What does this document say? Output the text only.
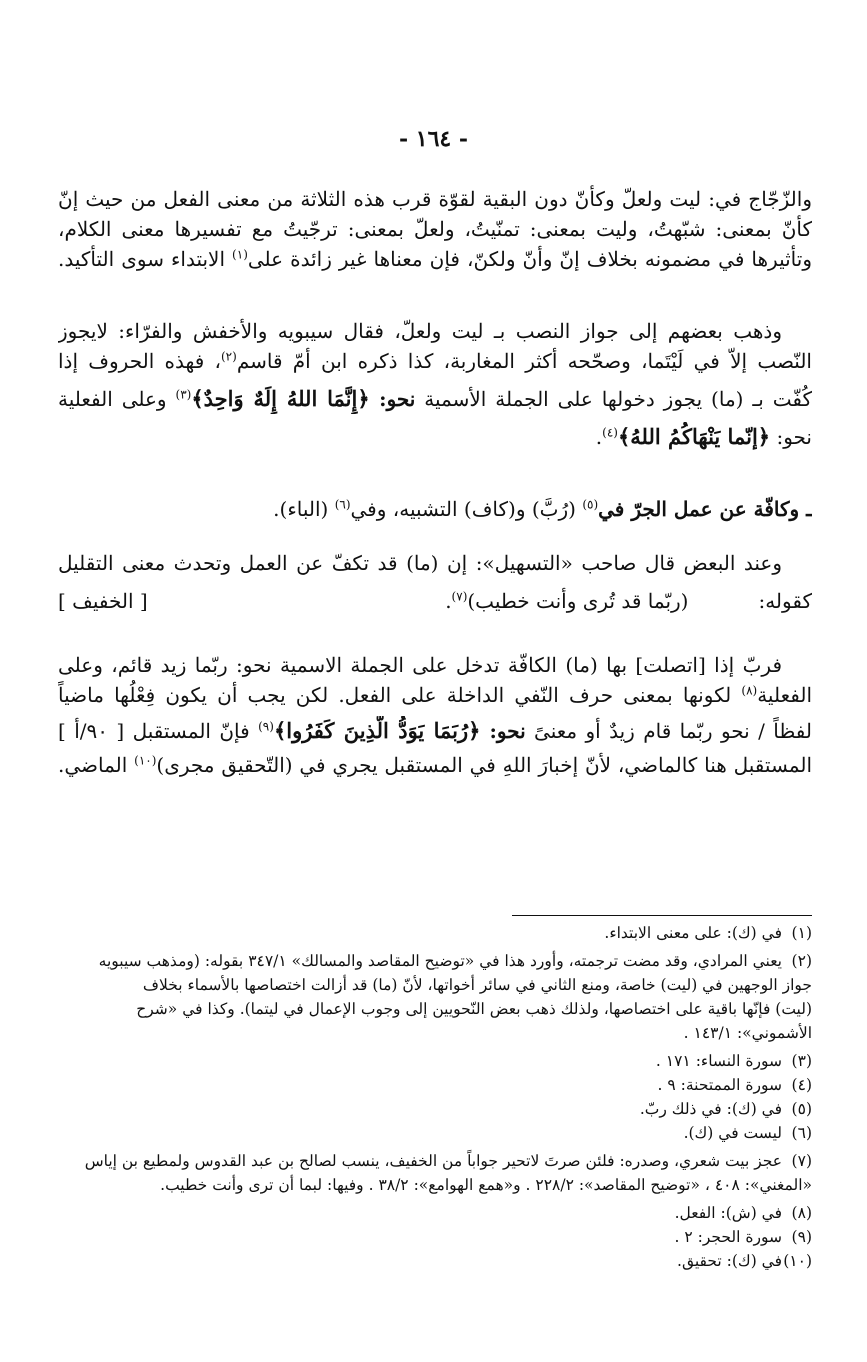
- ١٦٤ -
والزّجّاج في: ليت ولعلّ وكأنّ دون البقية لقوّة قرب هذه الثلاثة من معنى الفعل من حيث إنّ
كأنّ بمعنى: شبّهتُ، وليت بمعنى: تمنّيتُ، ولعلّ بمعنى: ترجّيتُ مع تفسيرها معنى الكلام،
وتأثيرها في مضمونه بخلاف إنّ وأنّ ولكنّ، فإن معناها غير زائدة على$^{(١)}$ الابتداء سوى التأكيد.
وذهب بعضهم إلى جواز النصب بـ ليت ولعلّ، فقال سيبويه والأخفش والفرّاء: لايجوز
النّصب إلاّ في لَيْتَما، وصحّحه أكثر المغاربة، كذا ذكره ابن أمّ قاسم$^{(٢)}$، فهذه الحروف إذا
كُفّت بـ (ما) يجوز دخولها على الجملة الأسمية نحو: ﴿إِنَّمَا اللهُ إِلَهٌ وَاحِدٌ﴾$^{(٣)}$ وعلى الفعلية
نحو: ﴿إنّما يَنْهَاكُمُ اللهُ﴾$^{(٤)}$.
ـ وكافّة عن عمل الجرّ في$^{(٥)}$ (رُبَّ) و(كاف) التشبيه، وفي$^{(٦)}$ (الباء).
وعند البعض قال صاحب «التسهيل»: إن (ما) قد تكفّ عن العمل وتحدث معنى التقليل
كقوله:(ربّما قد تُرى وأنت خطيب)$^{(٧)}$.
[ الخفيف ]
فربّ إذا [اتصلت] بها (ما) الكافّة تدخل على الجملة الاسمية نحو: ربّما زيد قائم، وعلى
الفعلية$^{(٨)}$ لكونها بمعنى حرف النّفي الداخلة على الفعل. لكن يجب أن يكون فِعْلُها ماضياً
لفظاً / نحو ربّما قام زيدٌ أو معنىً نحو: ﴿رُبَمَا يَوَدُّ الَّذِينَ كَفَرُوا﴾$^{(٩)}$ فإنّ المستقبل [ ٩٠/أ ]
المستقبل هنا كالماضي، لأنّ إخبارَ اللهِ في المستقبل يجري في (التّحقيق مجرى)$^{(١٠)}$ الماضي.
(١)في (ك): على معنى الابتداء.
(٢)يعني المرادي، وقد مضت ترجمته، وأورد هذا في «توضيح المقاصد والمسالك» ٣٤٧/١ بقوله: (ومذهب سيبويه
جواز الوجهين في (ليت) خاصة، ومنع الثاني في سائر أخواتها، لأنّ (ما) قد أزالت اختصاصها بالأسماء بخلاف
(ليت) فإنّها باقية على اختصاصها، ولذلك ذهب بعض النّحويين إلى وجوب الإعمال في ليتما). وكذا في «شرح
الأشموني»: ١٤٣/١ .
(٣)سورة النساء: ١٧١ .
(٤)سورة الممتحنة: ٩ .
(٥)في (ك): في ذلك ربّ.
(٦)ليست في (ك).
(٧)عجز بيت شعري، وصدره: فلئن صرتَ لاتحير جواباً من الخفيف، ينسب لصالح بن عبد القدوس ولمطيع بن إياس
«المغني»: ٤٠٨ ، «توضيح المقاصد»: ٢٢٨/٢ . و«همع الهوامع»: ٣٨/٢ . وفيها: لبما أن ترى وأنت خطيب.
(٨)في (ش): الفعل.
(٩)سورة الحجر: ٢ .
(١٠)في (ك): تحقيق.
